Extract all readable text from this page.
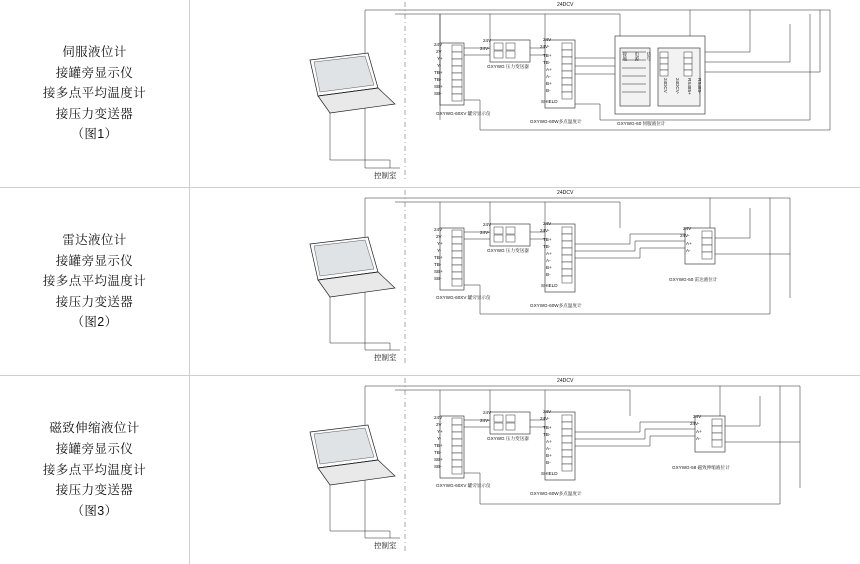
伺服液位计
接罐旁显示仪
接多点平均温度计
接压力变送器
（图1）
24DCV
控制室
24V
2V
Y+
Y-
TB+
TB-
SB+
SB-
GXYWG-60XV 罐旁显示仪
24V
24V-
GXYWG 压力变送器
24V
24V-
TB+
TB-
A+
A-
B+
B-
SHIELD
GXYWG-60W多点温度计
接地 电源 信号
24DCV 24DCV- RS485+ RS485-
GXYWG-60 伺服液位计
雷达液位计
接罐旁显示仪
接多点平均温度计
接压力变送器
（图2）
24DCV
控制室
24V
2V
Y+
Y-
TB+
TB-
SB+
SB-
GXYWG-60XV 罐旁显示仪
24V
24V-
GXYWG 压力变送器
24V
24V-
TB+
TB-
A+
A-
B+
B-
SHIELD
GXYWG-60W多点温度计
24V
24V-
A+
A-
GXYWG-50 雷达液位计
磁致伸缩液位计
接罐旁显示仪
接多点平均温度计
接压力变送器
（图3）
24DCV
控制室
24V
2V
Y+
Y-
TB+
TB-
SB+
SB-
GXYWG-60XV 罐旁显示仪
24V
24V-
GXYWG 压力变送器
24V
24V-
TB+
TB-
A+
A-
B+
B-
SHIELD
GXYWG-60W多点温度计
24V
24V-
A+
A-
GXYWG-58 磁致伸缩液位计
